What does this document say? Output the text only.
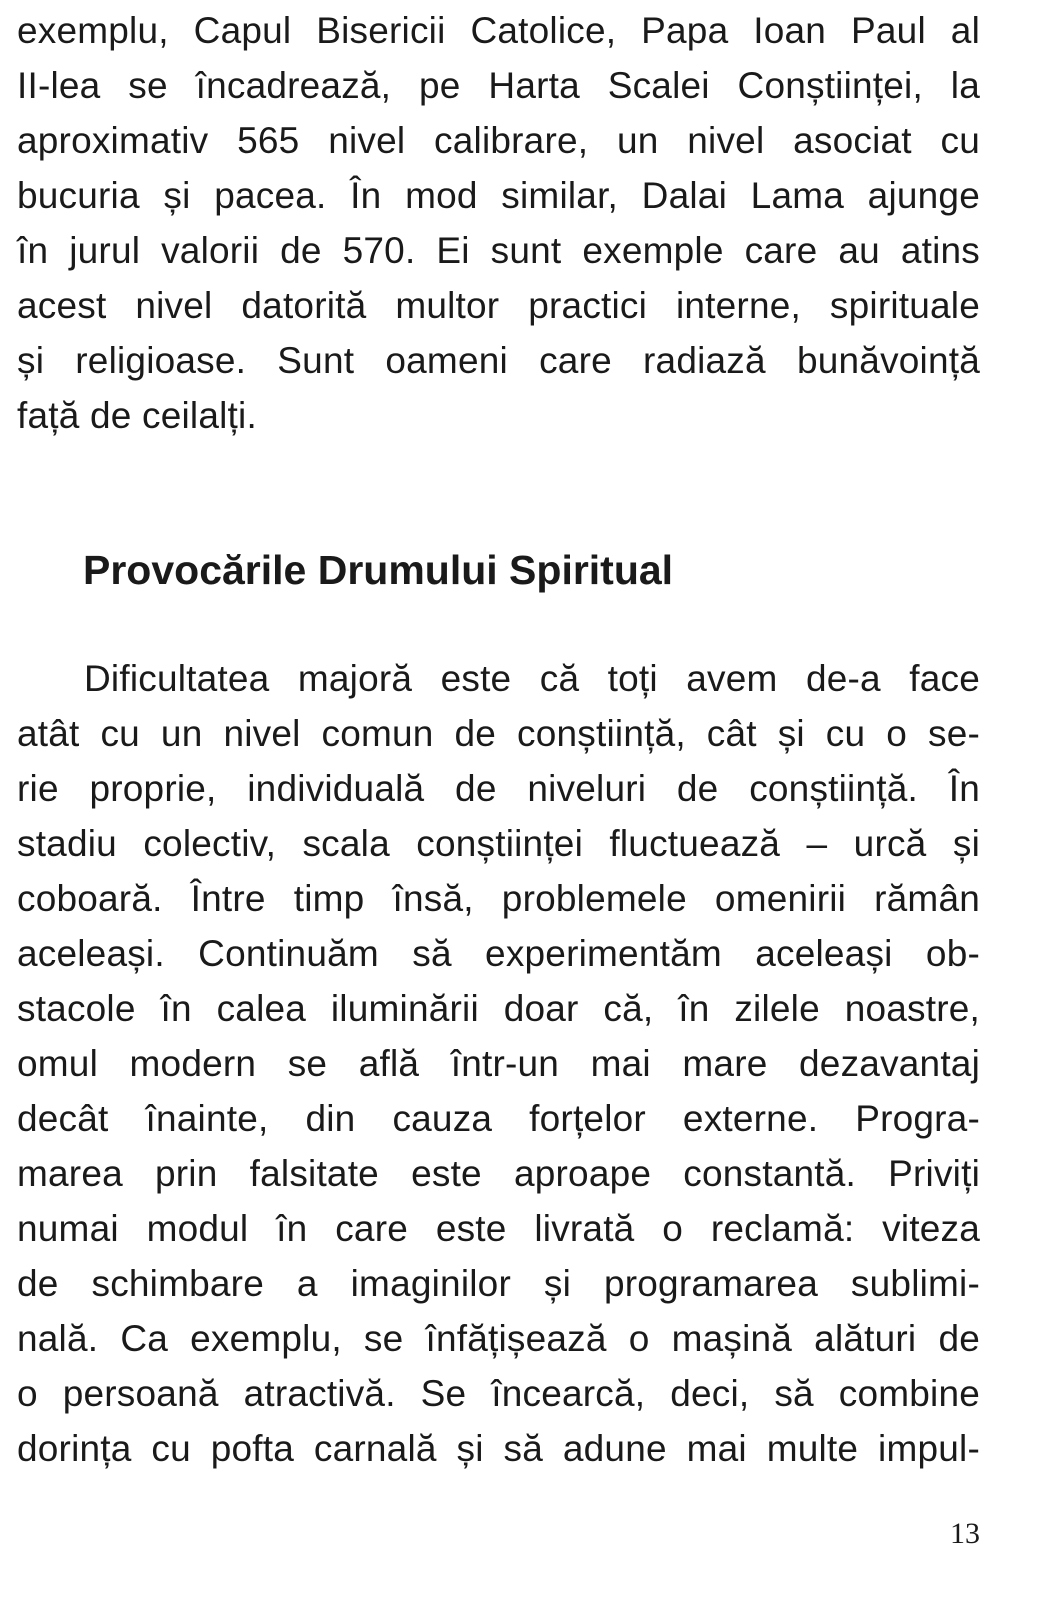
exemplu, Capul Bisericii Catolice, Papa Ioan Paul al
II-lea se încadrează, pe Harta Scalei Conștiinței, la
aproximativ 565 nivel calibrare, un nivel asociat cu
bucuria și pacea. În mod similar, Dalai Lama ajunge
în jurul valorii de 570. Ei sunt exemple care au atins
acest nivel datorită multor practici interne, spirituale
și religioase. Sunt oameni care radiază bunăvoință
față de ceilalți.
Provocările Drumului Spiritual
Dificultatea majoră este că toți avem de-a face
atât cu un nivel comun de conștiință, cât și cu o se-
rie proprie, individuală de niveluri de conștiință. În
stadiu colectiv, scala conștiinței fluctuează – urcă și
coboară. Între timp însă, problemele omenirii rămân
aceleași. Continuăm să experimentăm aceleași ob-
stacole în calea iluminării doar că, în zilele noastre,
omul modern se află într-un mai mare dezavantaj
decât înainte, din cauza forțelor externe. Progra-
marea prin falsitate este aproape constantă. Priviți
numai modul în care este livrată o reclamă: viteza
de schimbare a imaginilor și programarea sublimi-
nală. Ca exemplu, se înfățișează o mașină alături de
o persoană atractivă. Se încearcă, deci, să combine
dorința cu pofta carnală și să adune mai multe impul-
13
